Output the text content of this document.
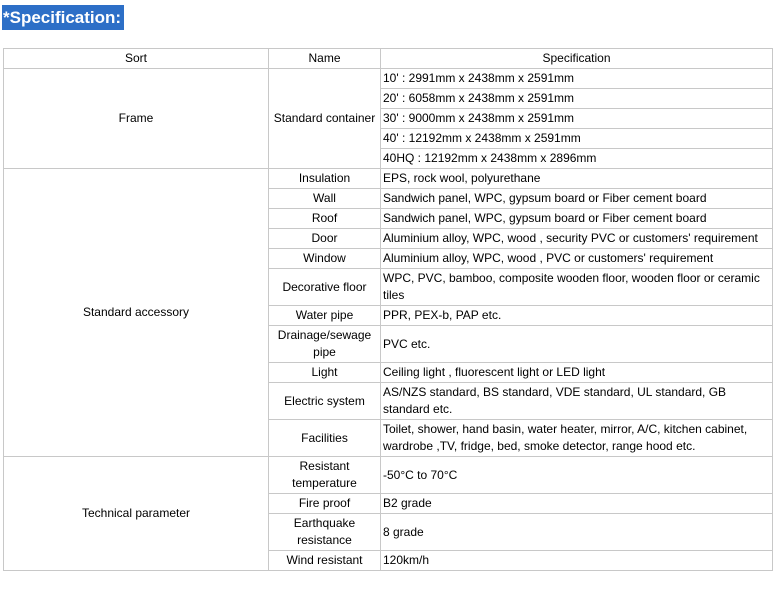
*Specification:
Sort	Name	Specification
Frame	Standard container	10' : 2991mm x 2438mm x 2591mm
		20' : 6058mm x 2438mm x 2591mm
		30' : 9000mm x 2438mm x 2591mm
		40' : 12192mm x 2438mm x 2591mm
		40HQ : 12192mm x 2438mm x 2896mm
Standard accessory	Insulation	EPS, rock wool, polyurethane
	Wall	Sandwich panel, WPC, gypsum board or Fiber cement board
	Roof	Sandwich panel, WPC, gypsum board or Fiber cement board
	Door	Aluminium alloy, WPC, wood , security PVC or customers' requirement
	Window	Aluminium alloy, WPC, wood , PVC or customers' requirement
	Decorative floor	WPC, PVC, bamboo, composite wooden floor, wooden floor or ceramic tiles
	Water pipe	PPR, PEX-b, PAP etc.
	Drainage/sewage pipe	PVC etc.
	Light	Ceiling light , fluorescent light or LED light
	Electric system	AS/NZS standard, BS standard, VDE standard, UL standard, GB standard etc.
	Facilities	Toilet, shower, hand basin, water heater, mirror, A/C, kitchen cabinet, wardrobe ,TV, fridge, bed, smoke detector, range hood etc.
Technical parameter	Resistant temperature	-50°C to 70°C
	Fire proof	B2 grade
	Earthquake resistance	8 grade
	Wind resistant	120km/h
